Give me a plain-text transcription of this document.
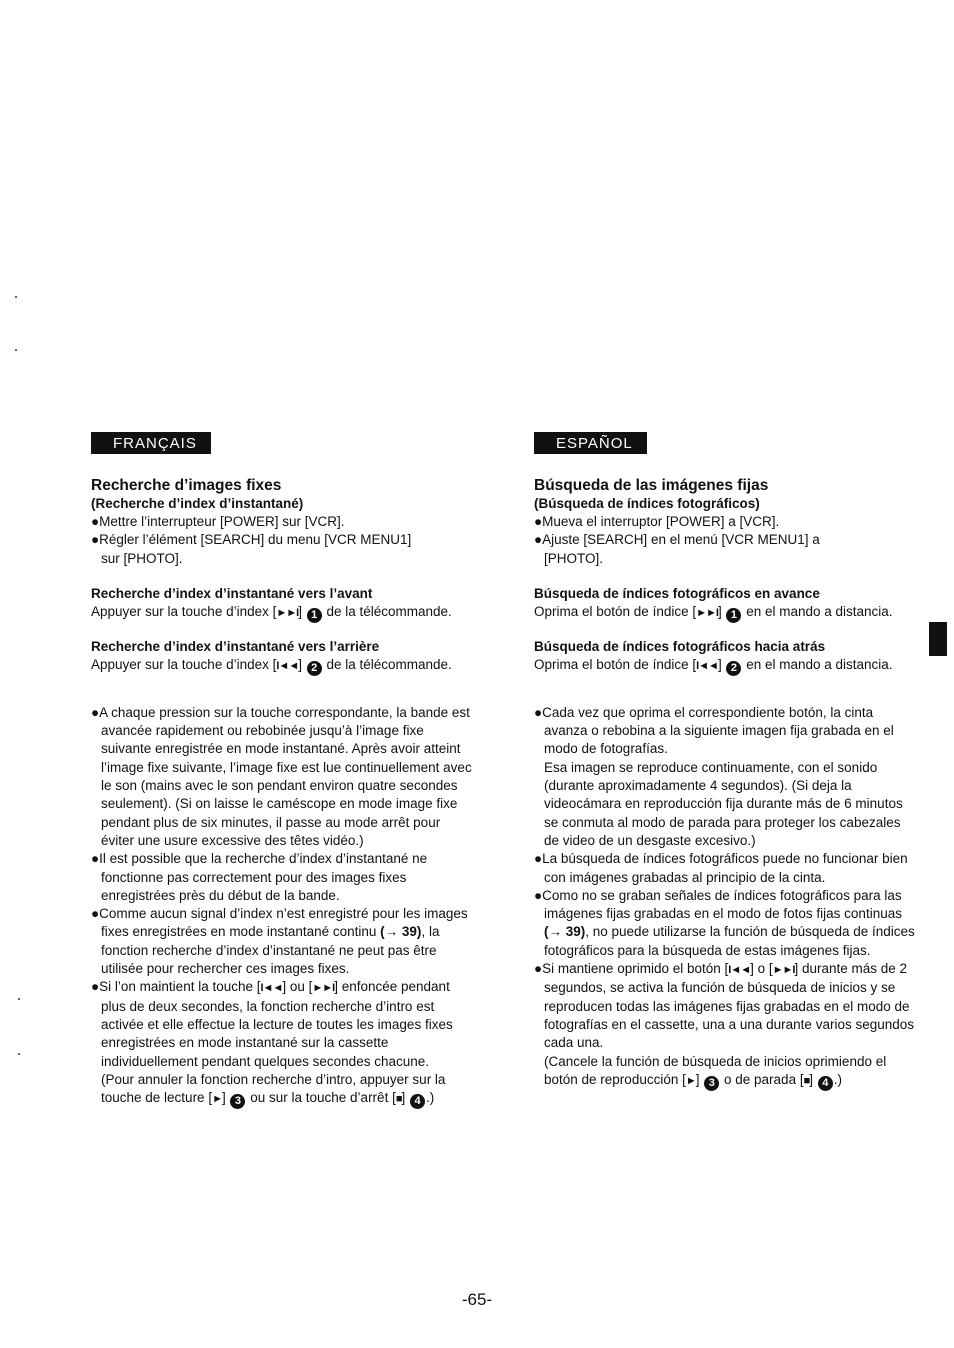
FRANÇAIS
Recherche d’images fixes

(Recherche d’index d’instantané)

●Mettre l’interrupteur [POWER] sur [VCR].

●Régler l’élément [SEARCH] du menu [VCR MENU1]

sur [PHOTO].

Recherche d’index d’instantané vers l’avant

Appuyer sur la touche d’index [►►I] 1 de la télécommande.

Recherche d’index d’instantané vers l’arrière

Appuyer sur la touche d’index [I◄◄] 2 de la télécommande.

●A chaque pression sur la touche correspondante, la bande est avancée rapidement ou rebobinée jusqu’à l’image fixe suivante enregistrée en mode instantané. Après avoir atteint l’image fixe suivante, l’image fixe est lue continuellement avec le son (mains avec le son pendant environ quatre secondes seulement). (Si on laisse le caméscope en mode image fixe pendant plus de six minutes, il passe au mode arrêt pour éviter une usure excessive des têtes vidéo.)

●Il est possible que la recherche d’index d’instantané ne fonctionne pas correctement pour des images fixes enregistrées près du début de la bande.

●Comme aucun signal d’index n’est enregistré pour les images fixes enregistrées en mode instantané continu (→ 39), la fonction recherche d’index d’instantané ne peut pas être utilisée pour rechercher ces images fixes.

●Si l’on maintient la touche [I◄◄] ou [►►I] enfoncée pendant plus de deux secondes, la fonction recherche d’intro est activée et elle effectue la lecture de toutes les images fixes enregistrées en mode instantané sur la cassette individuellement pendant quelques secondes chacune.

(Pour annuler la fonction recherche d’intro, appuyer sur la touche de lecture [►] 3 ou sur la touche d’arrêt [■] 4 .)

ESPAÑOL
Búsqueda de las imágenes fijas

(Búsqueda de índices fotográficos)

●Mueva el interruptor [POWER] a [VCR].

●Ajuste [SEARCH] en el menú [VCR MENU1] a

[PHOTO].

Búsqueda de índices fotográficos en avance

Oprima el botón de índice [►►I] 1 en el mando a distancia.

Búsqueda de índices fotográficos hacia atrás

Oprima el botón de índice [I◄◄] 2 en el mando a distancia.

●Cada vez que oprima el correspondiente botón, la cinta avanza o rebobina a la siguiente imagen fija grabada en el modo de fotografías.

Esa imagen se reproduce continuamente, con el sonido (durante aproximadamente 4 segundos). (Si deja la videocámara en reproducción fija durante más de 6 minutos se conmuta al modo de parada para proteger los cabezales de video de un desgaste excesivo.)

●La búsqueda de índices fotográficos puede no funcionar bien con imágenes grabadas al principio de la cinta.

●Como no se graban señales de índices fotográficos para las imágenes fijas grabadas en el modo de fotos fijas continuas (→ 39), no puede utilizarse la función de búsqueda de índices fotográficos para la búsqueda de estas imágenes fijas.

●Si mantiene oprimido el botón [I◄◄] o [►►I] durante más de 2 segundos, se activa la función de búsqueda de inicios y se reproducen todas las imágenes fijas grabadas en el modo de fotografías en el cassette, una a una durante varios segundos cada una.

(Cancele la función de búsqueda de inicios oprimiendo el botón de reproducción [►] 3 o de parada [■] 4 .)

-65-
